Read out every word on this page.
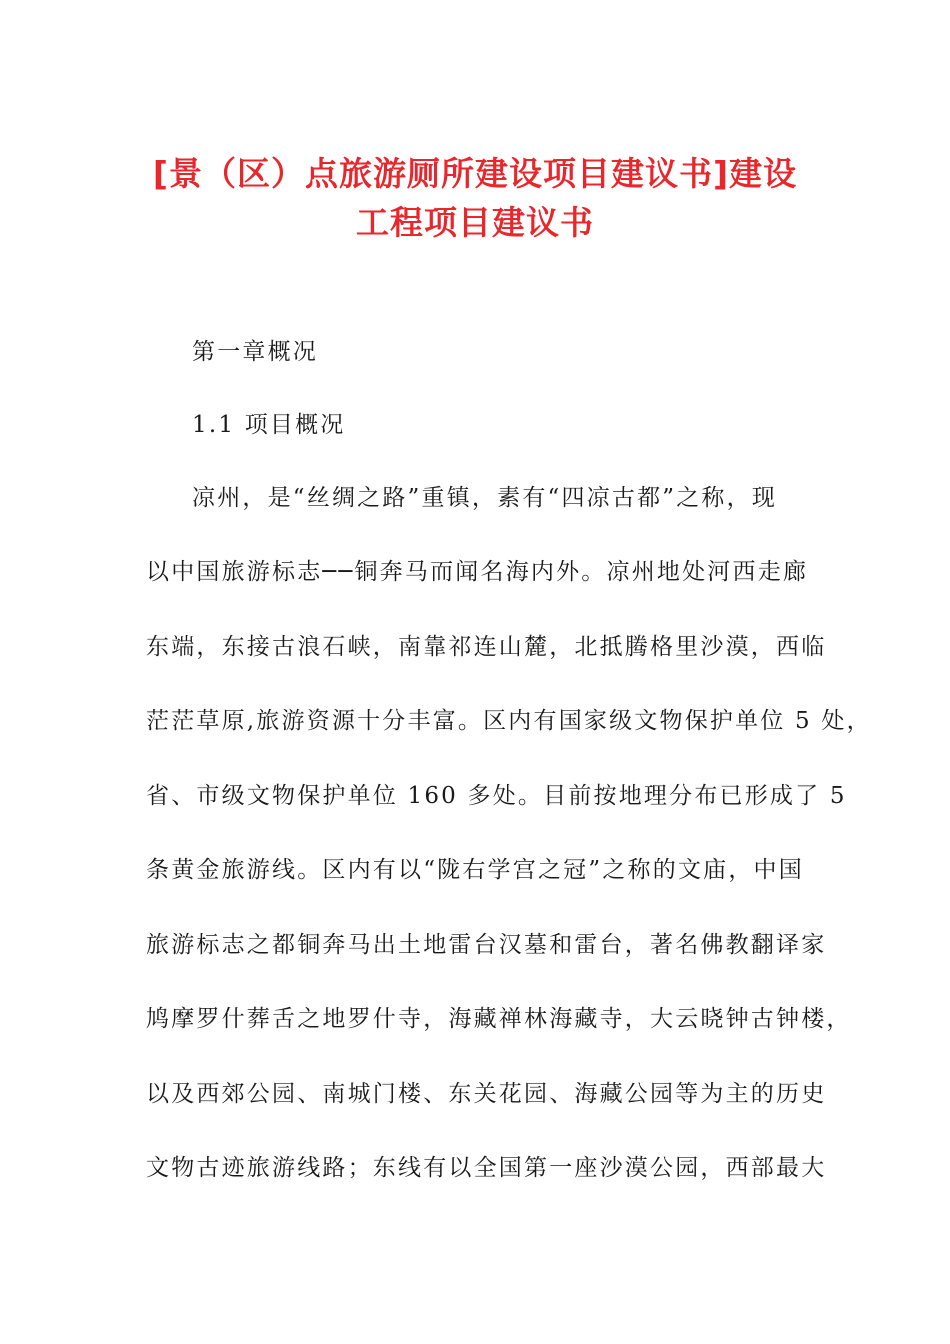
[景（区）点旅游厕所建设项目建议书]建设
工程项目建议书
第一章概况
1.1 项目概况
凉州，是“丝绸之路”重镇，素有“四凉古都”之称，现
以中国旅游标志──铜奔马而闻名海内外。凉州地处河西走廊
东端，东接古浪石峡，南靠祁连山麓，北抵腾格里沙漠，西临
茫茫草原,旅游资源十分丰富。区内有国家级文物保护单位 5 处，
省、市级文物保护单位 160 多处。目前按地理分布已形成了 5
条黄金旅游线。区内有以“陇右学宫之冠”之称的文庙，中国
旅游标志之都铜奔马出土地雷台汉墓和雷台，著名佛教翻译家
鸠摩罗什葬舌之地罗什寺，海藏禅林海藏寺，大云晓钟古钟楼，
以及西郊公园、南城门楼、东关花园、海藏公园等为主的历史
文物古迹旅游线路；东线有以全国第一座沙漠公园，西部最大
